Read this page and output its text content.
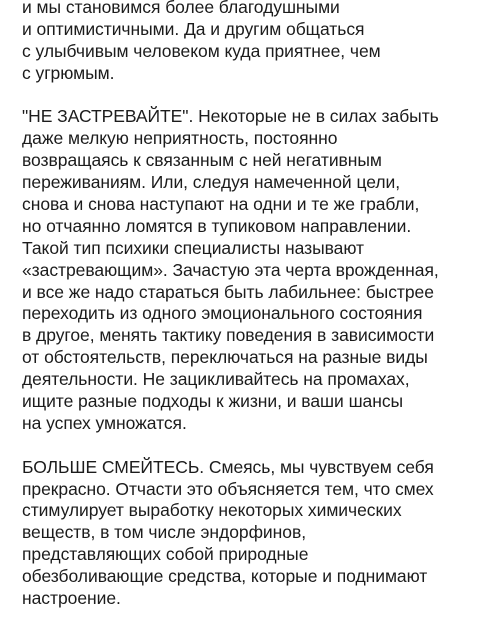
и мы становимся более благодушными
и оптимистичными. Да и другим общаться
с улыбчивым человеком куда приятнее, чем
с угрюмым.
"НЕ ЗАСТРЕВАЙТЕ". Некоторые не в силах забыть
даже мелкую неприятность, постоянно
возвращаясь к связанным с ней негативным
переживаниям. Или, следуя намеченной цели,
снова и снова наступают на одни и те же грабли,
но отчаянно ломятся в тупиковом направлении.
Такой тип психики специалисты называют
«застревающим». Зачастую эта черта врожденная,
и все же надо стараться быть лабильнее: быстрее
переходить из одного эмоционального состояния
в другое, менять тактику поведения в зависимости
от обстоятельств, переключаться на разные виды
деятельности. Не зацикливайтесь на промахах,
ищите разные подходы к жизни, и ваши шансы
на успех умножатся.
БОЛЬШЕ СМЕЙТЕСЬ. Смеясь, мы чувствуем себя
прекрасно. Отчасти это объясняется тем, что смех
стимулирует выработку некоторых химических
веществ, в том числе эндорфинов,
представляющих собой природные
обезболивающие средства, которые и поднимают
настроение.
